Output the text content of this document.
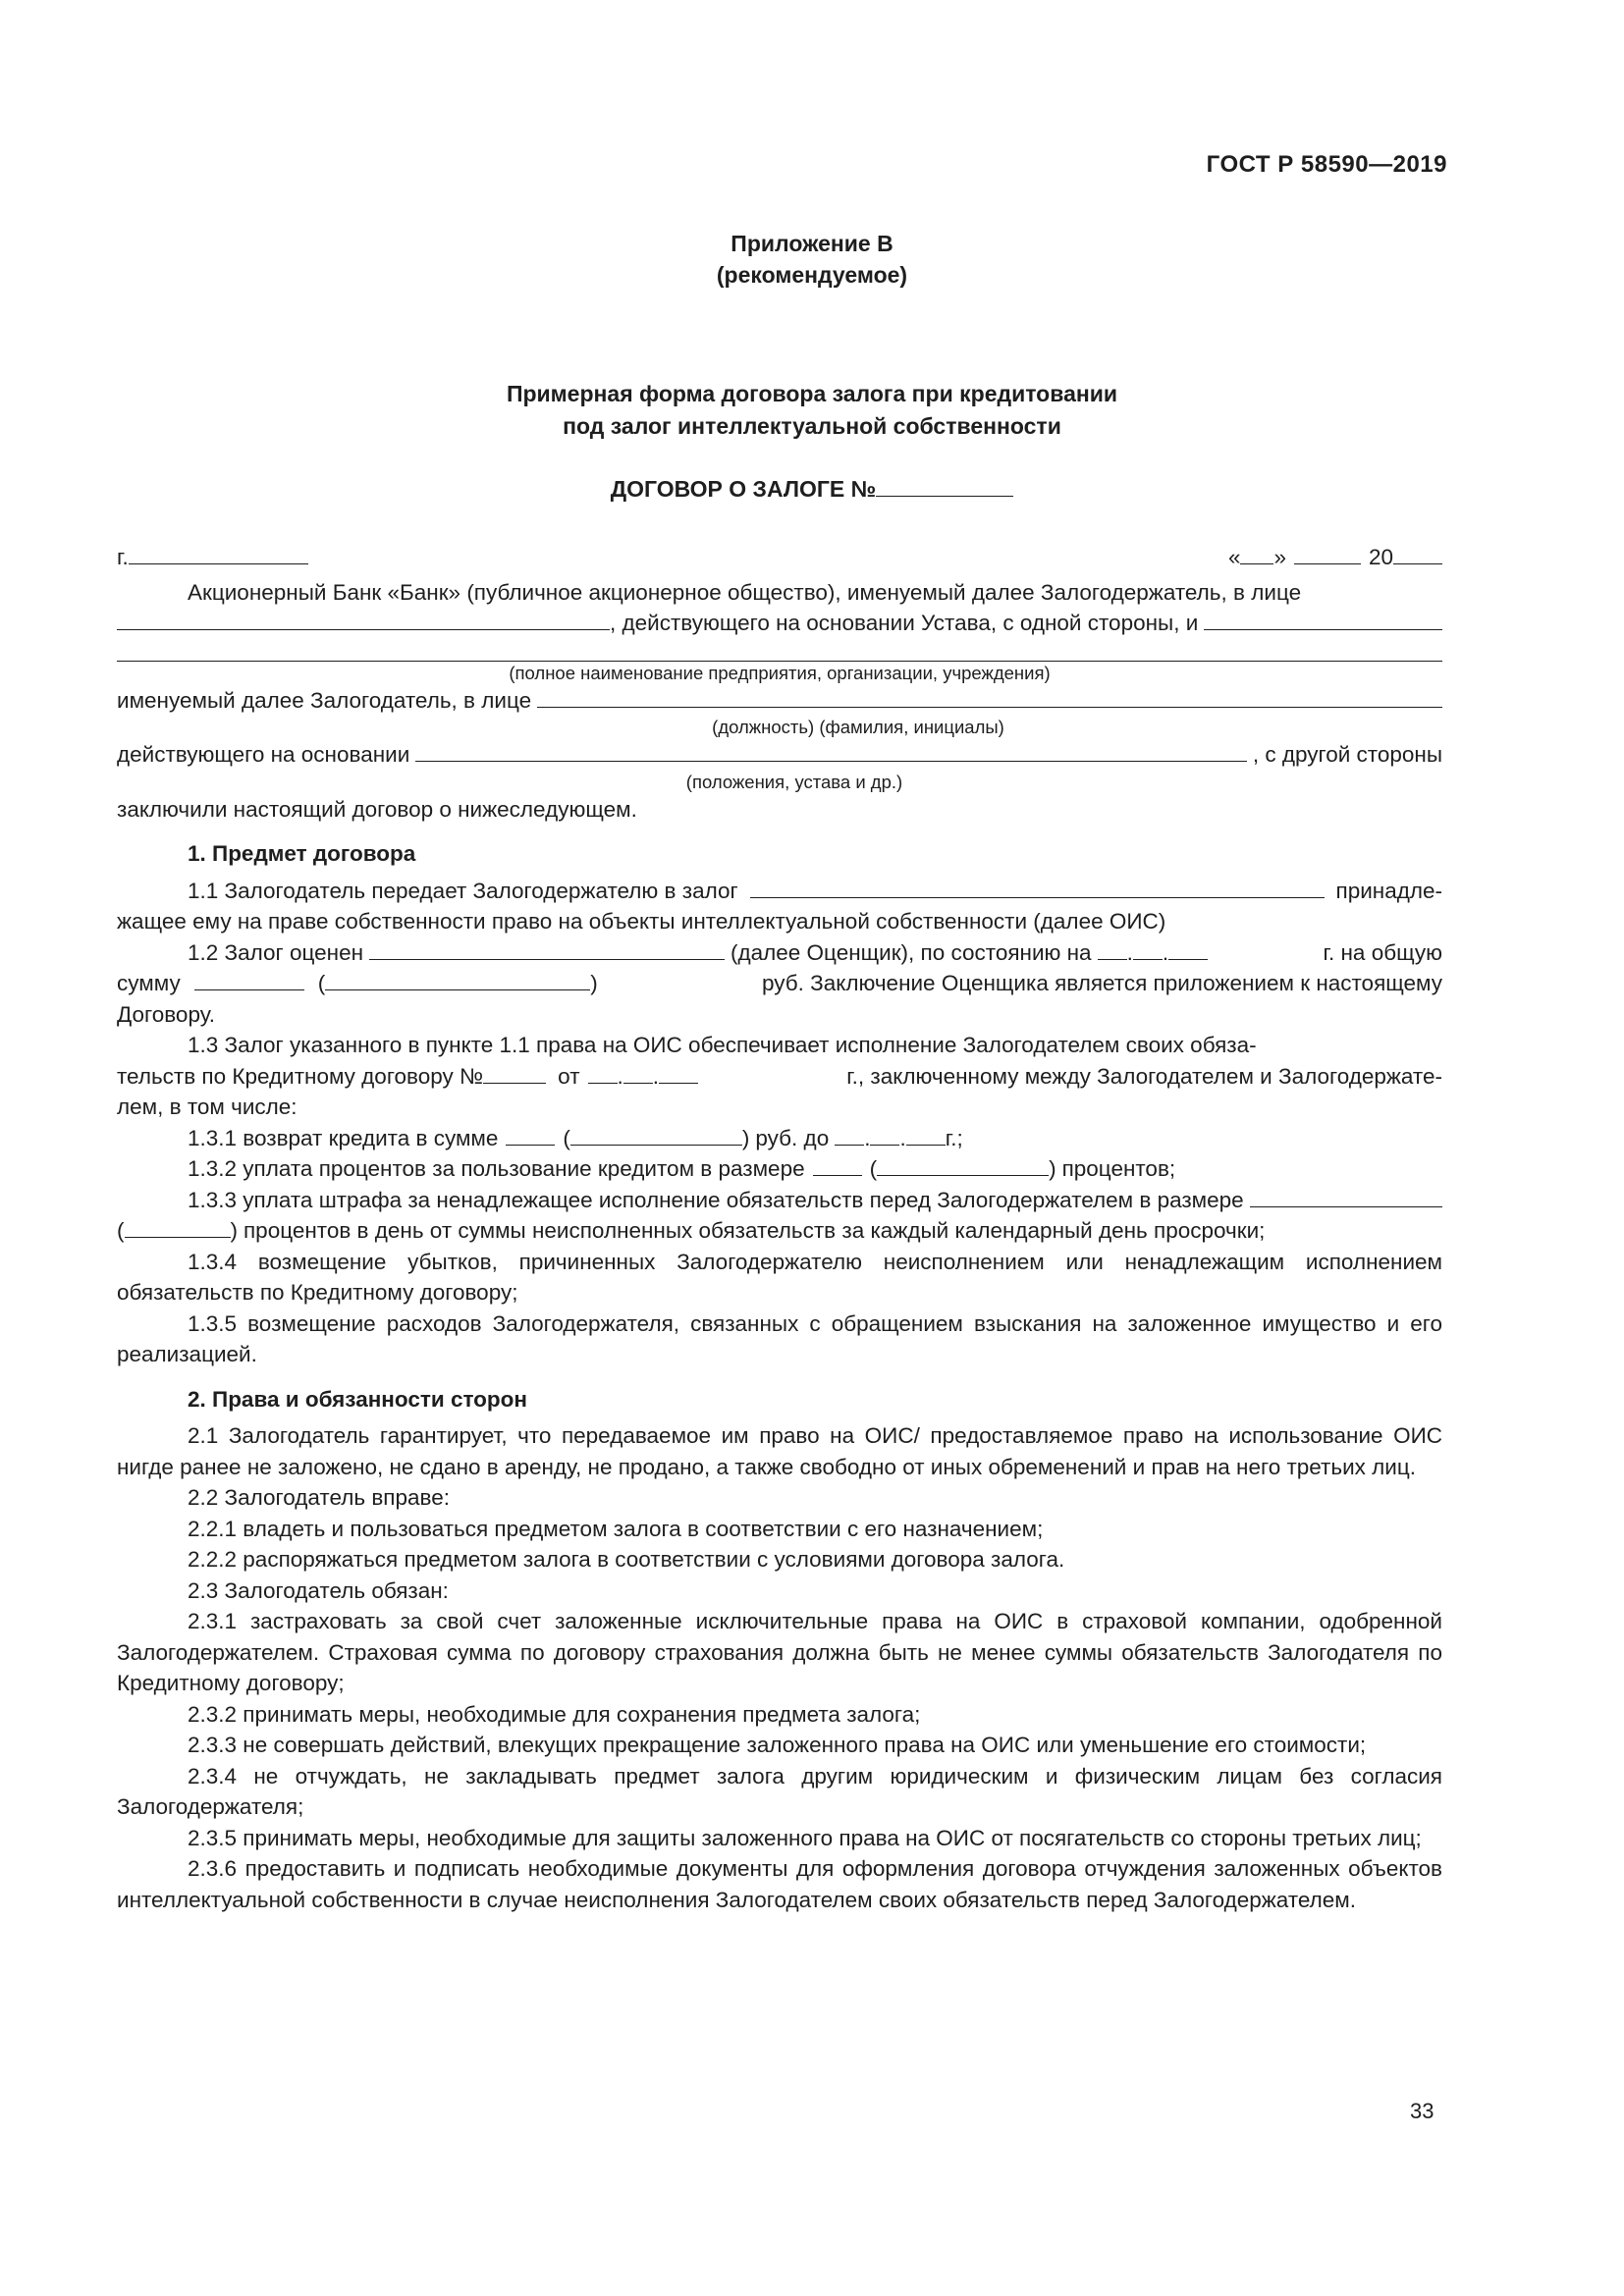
ГОСТ Р 58590—2019
Приложение В
(рекомендуемое)
Примерная форма договора залога при кредитовании
под залог интеллектуальной собственности
ДОГОВОР О ЗАЛОГЕ №
г.	« »	20

Акционерный Банк «Банк» (публичное акционерное общество), именуемый далее Залогодержатель, в лице

, действующего на основании Устава, с одной стороны, и

(полное наименование предприятия, организации, учреждения)

именуемый далее Залогодатель, в лице

(должность) (фамилия, инициалы)

действующего на основании	, с другой стороны

(положения, устава и др.)

заключили настоящий договор о нижеследующем.

1. Предмет договора

1.1 Залогодатель передает Залогодержателю в залог	принадле-

жащее ему на праве собственности право на объекты интеллектуальной собственности (далее ОИС)

1.2 Залог оценен	(далее Оценщик), по состоянию на . .	г. на общую
сумму	(	)	руб. Заключение Оценщика является приложением к настоящему

Договору.

1.3 Залог указанного в пункте 1.1 права на ОИС обеспечивает исполнение Залогодателем своих обяза-

тельств по Кредитному договору №	от . .	г., заключенному между Залогодателем и Залогодержате-

лем, в том числе:

1.3.1 возврат кредита в сумме	(	) руб. до . . г.;
1.3.2 уплата процентов за пользование кредитом в размере	(	) процентов;
1.3.3 уплата штрафа за ненадлежащее исполнение обязательств перед Залогодержателем в размере
(	) процентов в день от суммы неисполненных обязательств за каждый календарный день просрочки;

1.3.4 возмещение убытков, причиненных Залогодержателю неисполнением или ненадлежащим исполнением обязательств по Кредитному договору;

1.3.5 возмещение расходов Залогодержателя, связанных с обращением взыскания на заложенное имущество и его реализацией.

2. Права и обязанности сторон

2.1 Залогодатель гарантирует, что передаваемое им право на ОИС/ предоставляемое право на использование ОИС нигде ранее не заложено, не сдано в аренду, не продано, а также свободно от иных обременений и прав на него третьих лиц.

2.2 Залогодатель вправе:

2.2.1 владеть и пользоваться предметом залога в соответствии с его назначением;

2.2.2 распоряжаться предметом залога в соответствии с условиями договора залога.

2.3 Залогодатель обязан:

2.3.1 застраховать за свой счет заложенные исключительные права на ОИС в страховой компании, одобренной Залогодержателем. Страховая сумма по договору страхования должна быть не менее суммы обязательств Залогодателя по Кредитному договору;

2.3.2 принимать меры, необходимые для сохранения предмета залога;

2.3.3 не совершать действий, влекущих прекращение заложенного права на ОИС или уменьшение его стоимости;

2.3.4 не отчуждать, не закладывать предмет залога другим юридическим и физическим лицам без согласия Залогодержателя;

2.3.5 принимать меры, необходимые для защиты заложенного права на ОИС от посягательств со стороны третьих лиц;

2.3.6 предоставить и подписать необходимые документы для оформления договора отчуждения заложенных объектов интеллектуальной собственности в случае неисполнения Залогодателем своих обязательств перед Залогодержателем.

33
